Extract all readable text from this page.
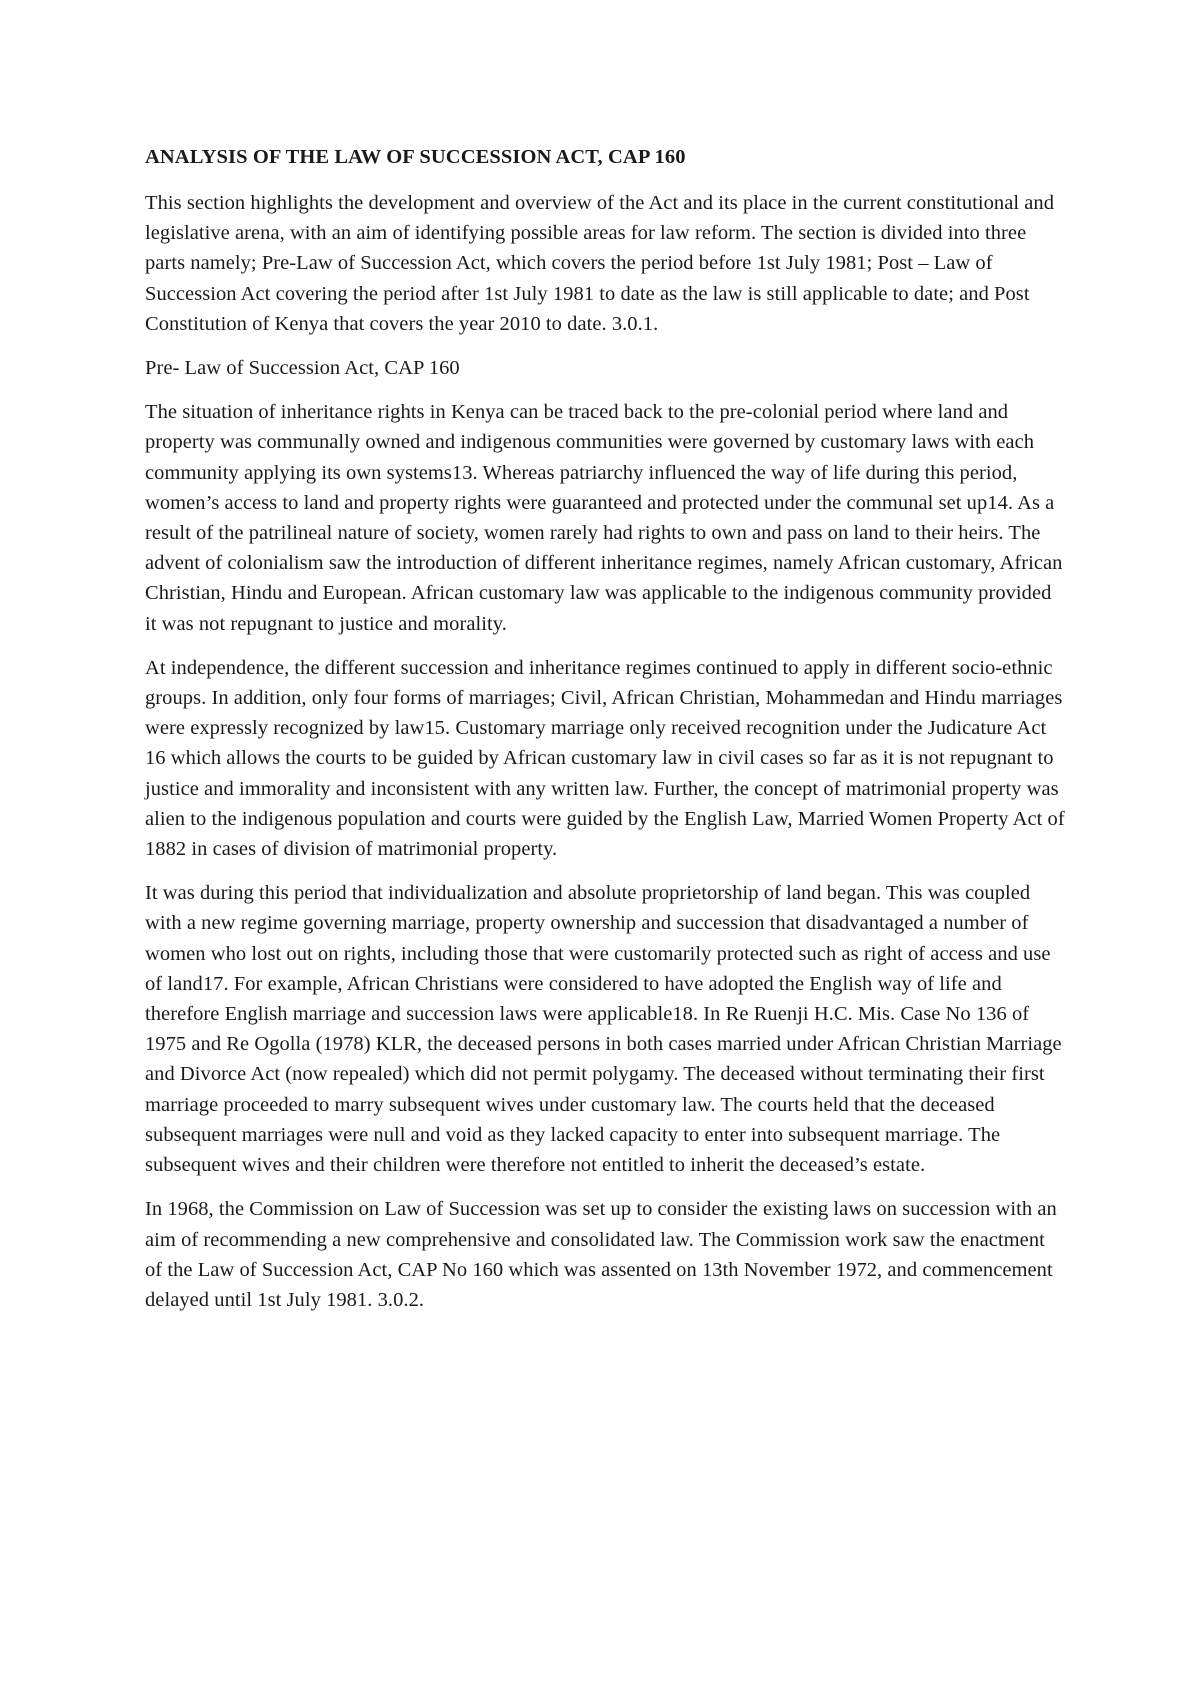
ANALYSIS OF THE LAW OF SUCCESSION ACT, CAP 160

This section highlights the development and overview of the Act and its place in the current constitutional and legislative arena, with an aim of identifying possible areas for law reform. The section is divided into three parts namely; Pre-Law of Succession Act, which covers the period before 1st July 1981; Post – Law of Succession Act covering the period after 1st July 1981 to date as the law is still applicable to date; and Post Constitution of Kenya that covers the year 2010 to date. 3.0.1.

Pre- Law of Succession Act, CAP 160

The situation of inheritance rights in Kenya can be traced back to the pre-colonial period where land and property was communally owned and indigenous communities were governed by customary laws with each community applying its own systems13. Whereas patriarchy influenced the way of life during this period, women’s access to land and property rights were guaranteed and protected under the communal set up14. As a result of the patrilineal nature of society, women rarely had rights to own and pass on land to their heirs. The advent of colonialism saw the introduction of different inheritance regimes, namely African customary, African Christian, Hindu and European. African customary law was applicable to the indigenous community provided it was not repugnant to justice and morality.

At independence, the different succession and inheritance regimes continued to apply in different socio-ethnic groups. In addition, only four forms of marriages; Civil, African Christian, Mohammedan and Hindu marriages were expressly recognized by law15. Customary marriage only received recognition under the Judicature Act 16 which allows the courts to be guided by African customary law in civil cases so far as it is not repugnant to justice and immorality and inconsistent with any written law. Further, the concept of matrimonial property was alien to the indigenous population and courts were guided by the English Law, Married Women Property Act of 1882 in cases of division of matrimonial property.

It was during this period that individualization and absolute proprietorship of land began. This was coupled with a new regime governing marriage, property ownership and succession that disadvantaged a number of women who lost out on rights, including those that were customarily protected such as right of access and use of land17. For example, African Christians were considered to have adopted the English way of life and therefore English marriage and succession laws were applicable18. In Re Ruenji H.C. Mis. Case No 136 of 1975 and Re Ogolla (1978) KLR, the deceased persons in both cases married under African Christian Marriage and Divorce Act (now repealed) which did not permit polygamy. The deceased without terminating their first marriage proceeded to marry subsequent wives under customary law. The courts held that the deceased subsequent marriages were null and void as they lacked capacity to enter into subsequent marriage. The subsequent wives and their children were therefore not entitled to inherit the deceased’s estate.

In 1968, the Commission on Law of Succession was set up to consider the existing laws on succession with an aim of recommending a new comprehensive and consolidated law. The Commission work saw the enactment of the Law of Succession Act, CAP No 160 which was assented on 13th November 1972, and commencement delayed until 1st July 1981. 3.0.2.
